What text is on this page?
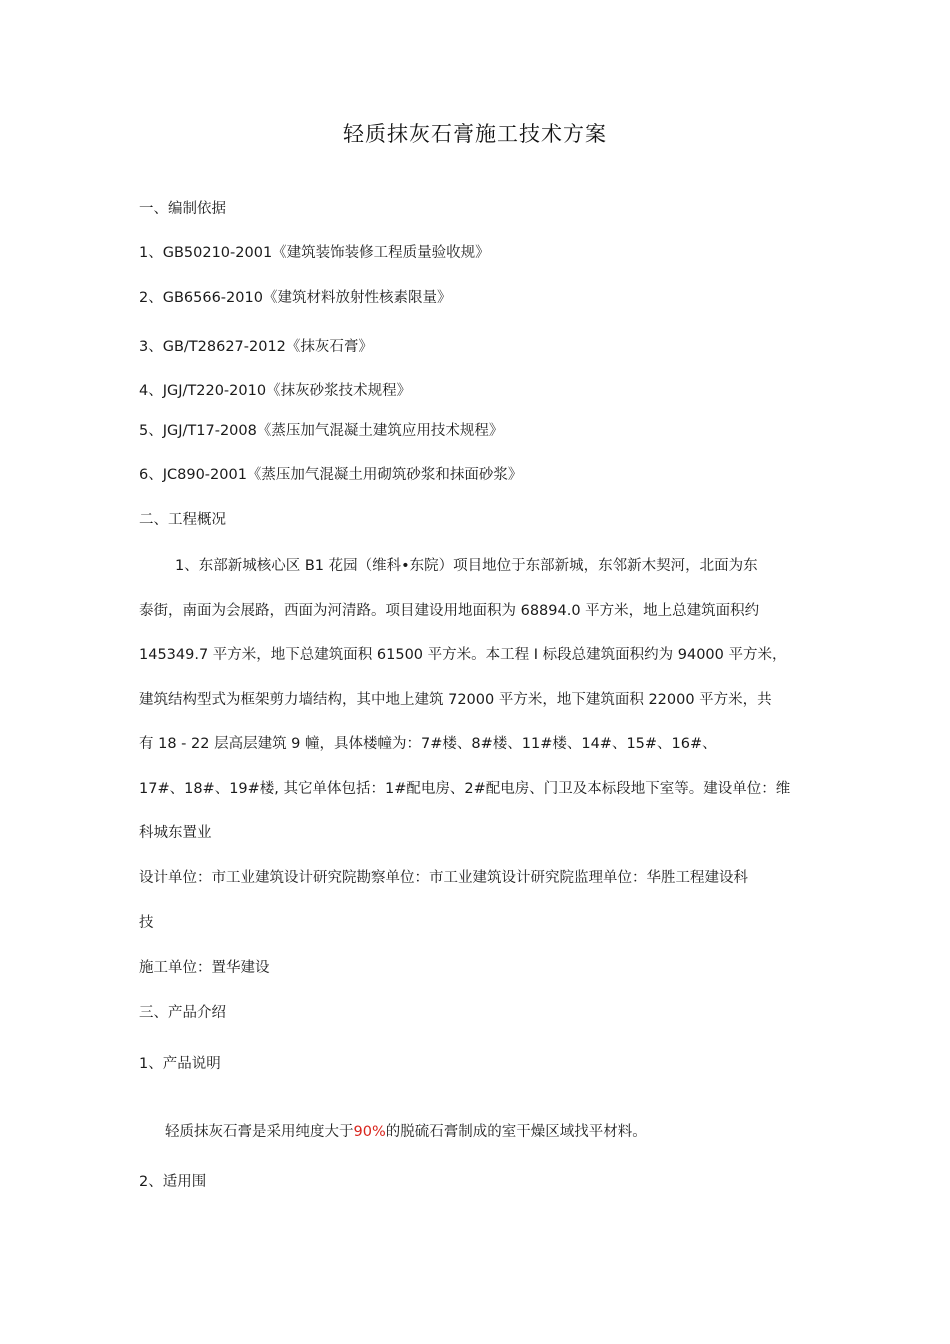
轻质抹灰石膏施工技术方案
一、编制依据
1、GB50210-2001《建筑装饰装修工程质量验收规》
2、GB6566-2010《建筑材料放射性核素限量》
3、GB/T28627-2012《抹灰石膏》
4、JGJ/T220-2010《抹灰砂浆技术规程》
5、JGJ/T17-2008《蒸压加气混凝土建筑应用技术规程》
6、JC890-2001《蒸压加气混凝土用砌筑砂浆和抹面砂浆》
二、工程概况
1、东部新城核心区 B1 花园（维科•东院）项目地位于东部新城，东邻新木契河，北面为东
泰街，南面为会展路，西面为河清路。项目建设用地面积为 68894.0 平方米，地上总建筑面积约
145349.7 平方米，地下总建筑面积 61500 平方米。本工程 I 标段总建筑面积约为 94000 平方米，
建筑结构型式为框架剪力墙结构，其中地上建筑 72000 平方米，地下建筑面积 22000 平方米，共
有 18 - 22 层高层建筑 9 幢，具体楼幢为：7#楼、8#楼、11#楼、14#、15#、16#、
17#、18#、19#楼, 其它单体包括：1#配电房、2#配电房、门卫及本标段地下室等。建设单位：维
科城东置业
设计单位：市工业建筑设计研究院勘察单位：市工业建筑设计研究院监理单位：华胜工程建设科
技
施工单位：置华建设
三、产品介绍
1、产品说明
轻质抹灰石膏是采用纯度大于90%的脱硫石膏制成的室干燥区域找平材料。
2、适用围
